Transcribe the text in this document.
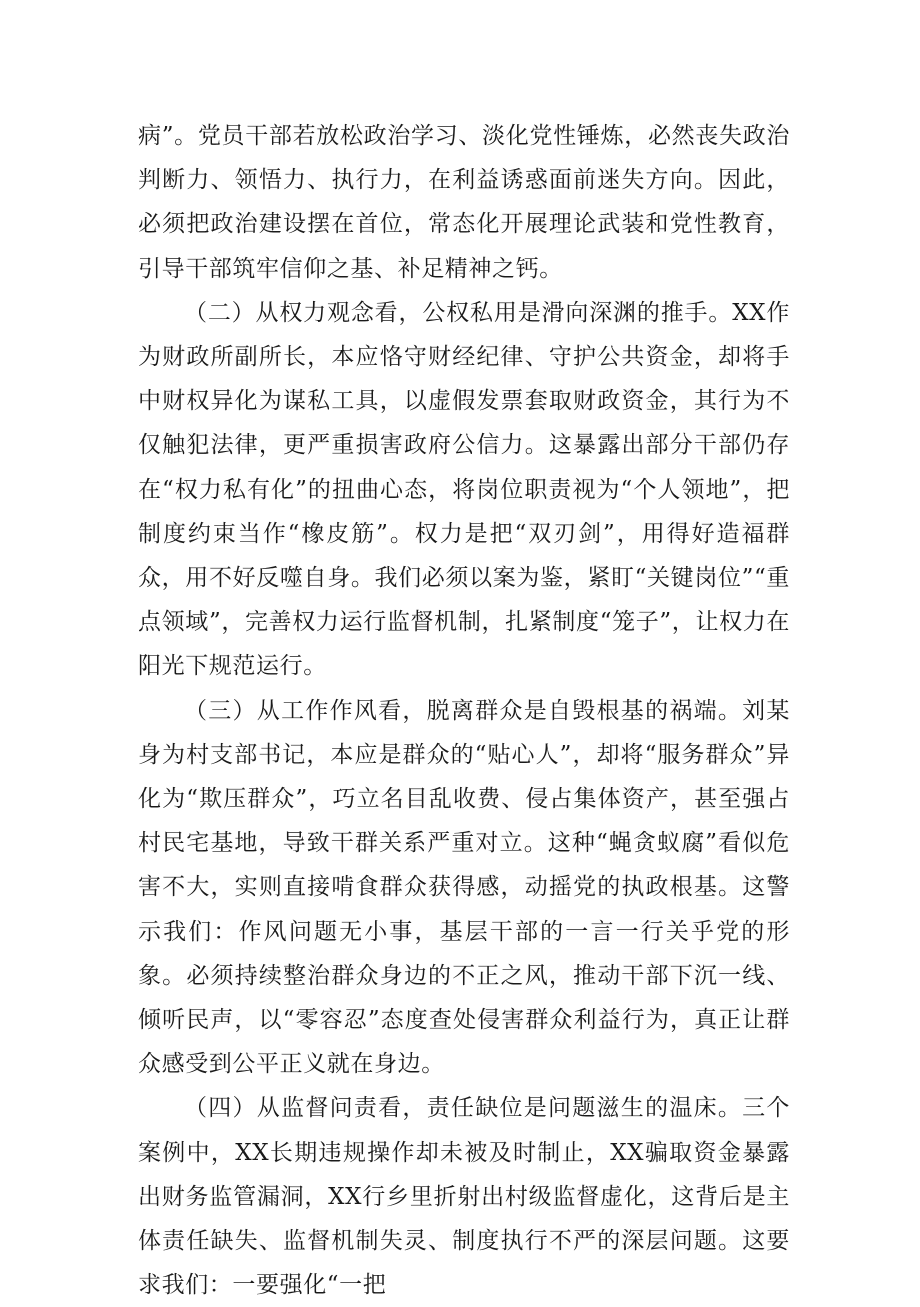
病”。党员干部若放松政治学习、淡化党性锤炼，必然丧失政治判断力、领悟力、执行力，在利益诱惑面前迷失方向。因此，必须把政治建设摆在首位，常态化开展理论武装和党性教育，引导干部筑牢信仰之基、补足精神之钙。

（二）从权力观念看，公权私用是滑向深渊的推手。XX作为财政所副所长，本应恪守财经纪律、守护公共资金，却将手中财权异化为谋私工具，以虚假发票套取财政资金，其行为不仅触犯法律，更严重损害政府公信力。这暴露出部分干部仍存在“权力私有化”的扭曲心态，将岗位职责视为“个人领地”，把制度约束当作“橡皮筋”。权力是把“双刃剑”，用得好造福群众，用不好反噬自身。我们必须以案为鉴，紧盯“关键岗位”“重点领域”，完善权力运行监督机制，扎紧制度“笼子”，让权力在阳光下规范运行。

（三）从工作作风看，脱离群众是自毁根基的祸端。刘某身为村支部书记，本应是群众的“贴心人”，却将“服务群众”异化为“欺压群众”，巧立名目乱收费、侵占集体资产，甚至强占村民宅基地，导致干群关系严重对立。这种“蝇贪蚁腐”看似危害不大，实则直接啃食群众获得感，动摇党的执政根基。这警示我们：作风问题无小事，基层干部的一言一行关乎党的形象。必须持续整治群众身边的不正之风，推动干部下沉一线、倾听民声，以“零容忍”态度查处侵害群众利益行为，真正让群众感受到公平正义就在身边。

（四）从监督问责看，责任缺位是问题滋生的温床。三个案例中，XX长期违规操作却未被及时制止，XX骗取资金暴露出财务监管漏洞，XX行乡里折射出村级监督虚化，这背后是主体责任缺失、监督机制失灵、制度执行不严的深层问题。这要求我们：一要强化“一把
